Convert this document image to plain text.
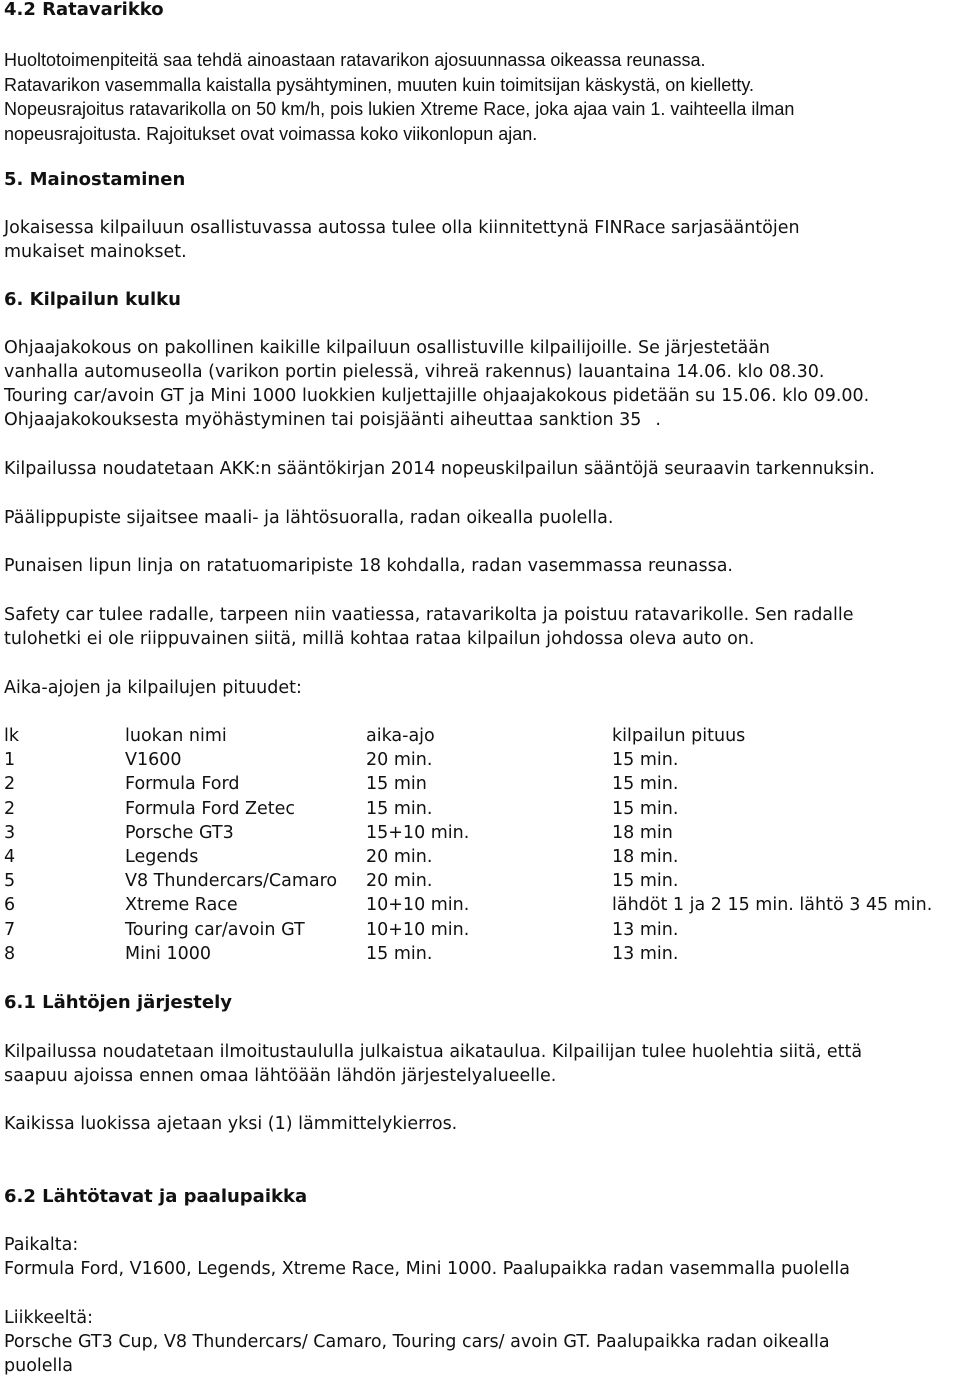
4.2 Ratavarikko

Huoltotoimenpiteitä saa tehdä ainoastaan ratavarikon ajosuunnassa oikeassa reunassa.

Ratavarikon vasemmalla kaistalla pysähtyminen, muuten kuin toimitsijan käskystä, on kielletty.

Nopeusrajoitus ratavarikolla on 50 km/h, pois lukien Xtreme Race, joka ajaa vain 1. vaihteella ilman

nopeusrajoitusta. Rajoitukset ovat voimassa koko viikonlopun ajan.

5. Mainostaminen

Jokaisessa kilpailuun osallistuvassa autossa tulee olla kiinnitettynä FINRace sarjasääntöjen

mukaiset mainokset.

6. Kilpailun kulku

Ohjaajakokous on pakollinen kaikille kilpailuun osallistuville kilpailijoille. Se järjestetään

vanhalla automuseolla (varikon portin pielessä, vihreä rakennus) lauantaina 14.06. klo 08.30.

Touring car/avoin GT ja Mini 1000 luokkien kuljettajille ohjaajakokous pidetään su 15.06. klo 09.00.

Ohjaajakokouksesta myöhästyminen tai poisjäänti aiheuttaa sanktion 35.

Kilpailussa noudatetaan AKK:n sääntökirjan 2014 nopeuskilpailun sääntöjä seuraavin tarkennuksin.
Päälippupiste sijaitsee maali- ja lähtösuoralla, radan oikealla puolella.
Punaisen lipun linja on ratatuomaripiste 18 kohdalla, radan vasemmassa reunassa.

Safety car tulee radalle, tarpeen niin vaatiessa, ratavarikolta ja poistuu ratavarikolle. Sen radalle

tulohetki ei ole riippuvainen siitä, millä kohtaa rataa kilpailun johdossa oleva auto on.

Aika-ajojen ja kilpailujen pituudet:
lk	luokan nimi	aika-ajo	kilpailun pituus
1	V1600	20 min.	15 min.
2	Formula Ford	15 min	15 min.
2	Formula Ford Zetec	15 min.	15 min.
3	Porsche GT3	15+10 min.	18 min
4	Legends	20 min.	18 min.
5	V8 Thundercars/Camaro 20 min.	15 min.
6	Xtreme Race	10+10 min.	lähdöt 1 ja 2 15 min. lähtö 3 45 min.
7	Touring car/avoin GT	10+10 min.	13 min.
8	Mini 1000	15 min.	13 min.
6.1 Lähtöjen järjestely

Kilpailussa noudatetaan ilmoitustaululla julkaistua aikataulua. Kilpailijan tulee huolehtia siitä, että

saapuu ajoissa ennen omaa lähtöään lähdön järjestelyalueelle.

Kaikissa luokissa ajetaan yksi (1) lämmittelykierros.
6.2 Lähtötavat ja paalupaikka
Paikalta:
Formula Ford, V1600, Legends, Xtreme Race, Mini 1000. Paalupaikka radan vasemmalla puolella
Liikkeeltä:

Porsche GT3 Cup, V8 Thundercars/ Camaro, Touring cars/ avoin GT. Paalupaikka radan oikealla

puolella
